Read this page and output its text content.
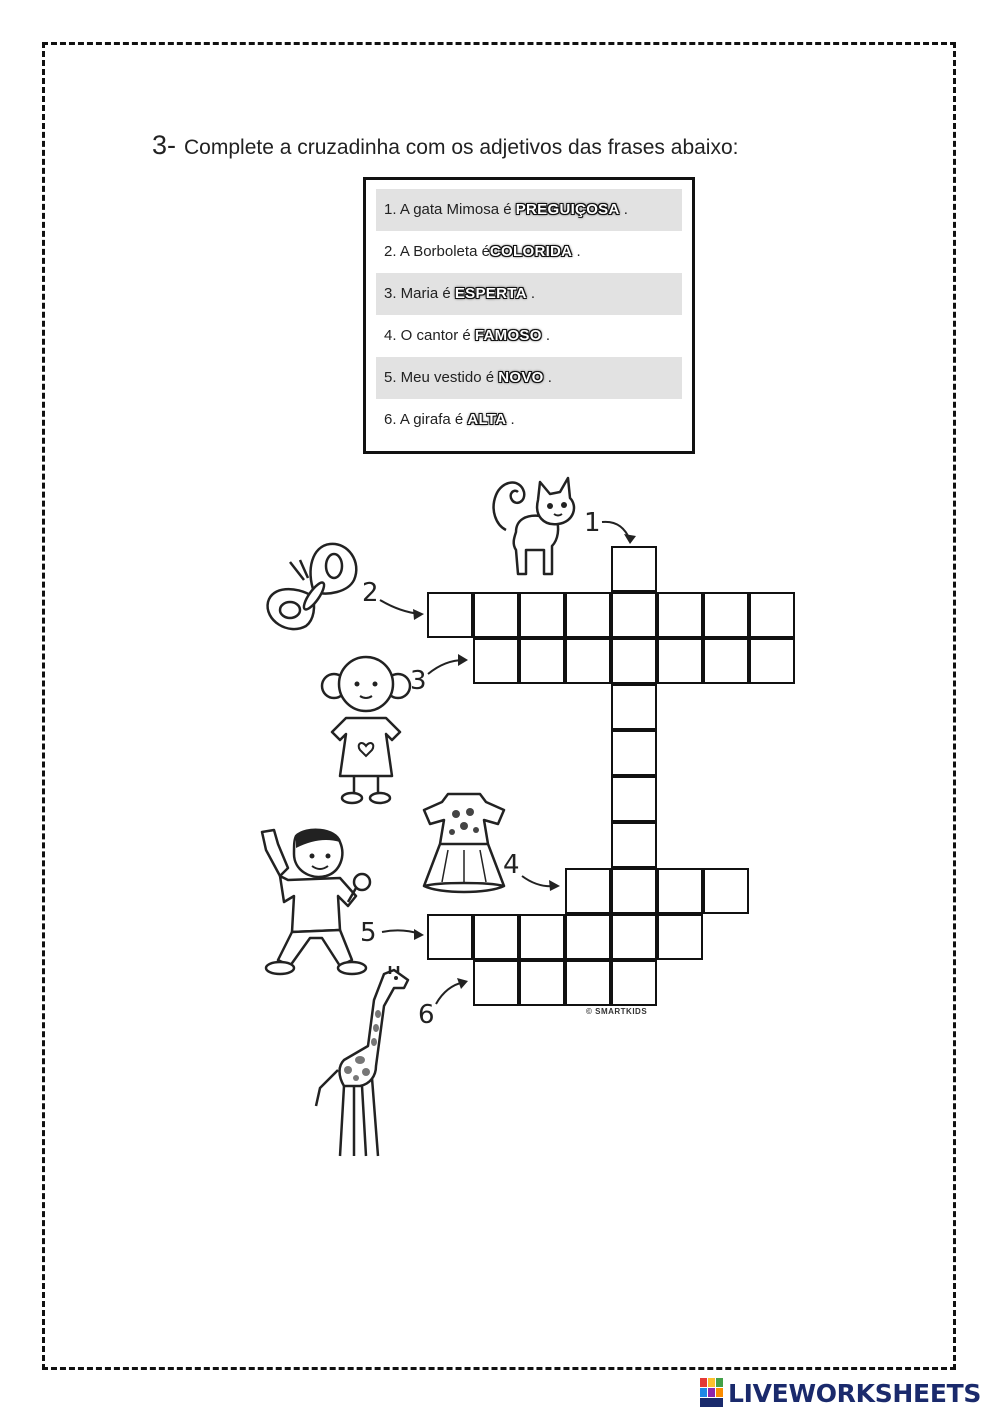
3- Complete a cruzadinha com os adjetivos das frases abaixo:
1. A gata Mimosa é PREGUIÇOSA .
2. A Borboleta éCOLORIDA .
3. Maria é ESPERTA .
4. O cantor é FAMOSO .
5. Meu vestido é NOVO .
6. A girafa é ALTA .
1
2
3
4
5
6	© SMARTKIDS
LIVEWORKSHEETS
